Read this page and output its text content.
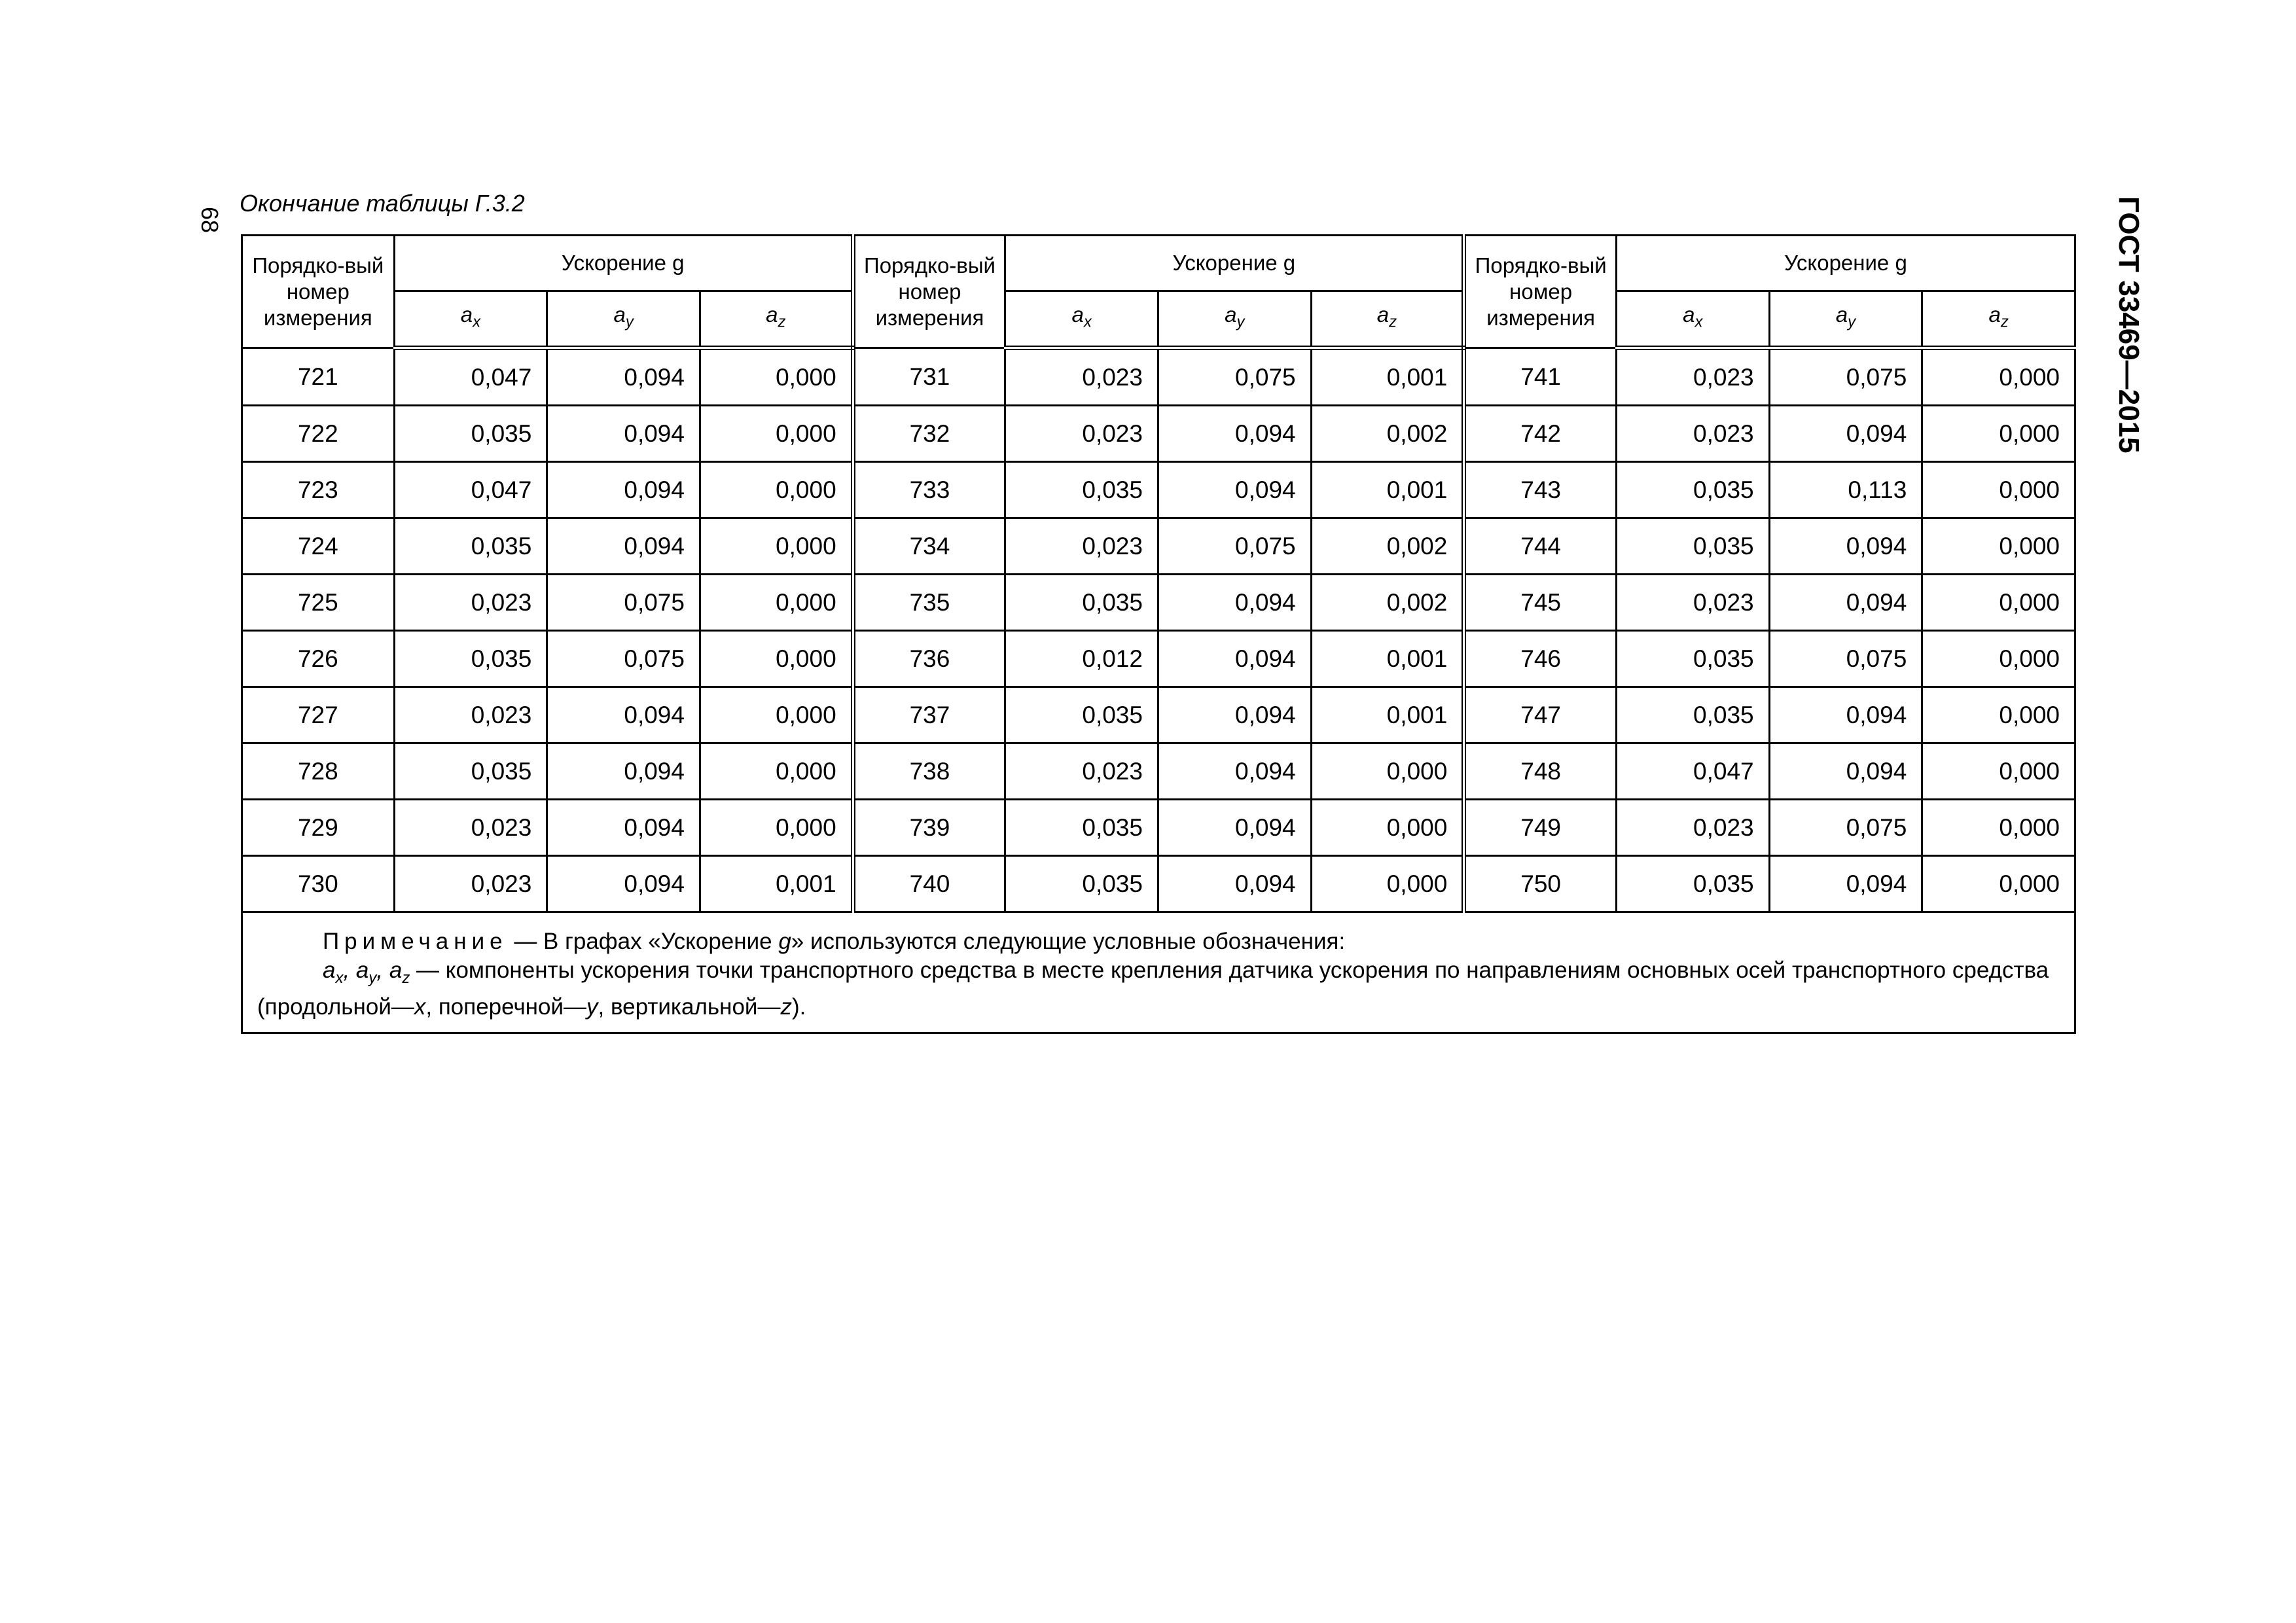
68
Окончание таблицы Г.3.2	ГОСТ 33469—2015
Порядко-вый номер измерения	Ускорение g			Порядко-вый номер измерения	Ускорение g			Порядко-вый номер измерения	Ускорение g		
	$a_x$	$a_y$	$a_z$		$a_x$	$a_y$	$a_z$		$a_x$	$a_y$	$a_z$
721	0,047	0,094	0,000	731	0,023	0,075	0,001	741	0,023	0,075	0,000
722	0,035	0,094	0,000	732	0,023	0,094	0,002	742	0,023	0,094	0,000
723	0,047	0,094	0,000	733	0,035	0,094	0,001	743	0,035	0,113	0,000
724	0,035	0,094	0,000	734	0,023	0,075	0,002	744	0,035	0,094	0,000
725	0,023	0,075	0,000	735	0,035	0,094	0,002	745	0,023	0,094	0,000
726	0,035	0,075	0,000	736	0,012	0,094	0,001	746	0,035	0,075	0,000
727	0,023	0,094	0,000	737	0,035	0,094	0,001	747	0,035	0,094	0,000
728	0,035	0,094	0,000	738	0,023	0,094	0,000	748	0,047	0,094	0,000
729	0,023	0,094	0,000	739	0,035	0,094	0,000	749	0,023	0,075	0,000
730	0,023	0,094	0,001	740	0,035	0,094	0,000	750	0,035	0,094	0,000

Примечание — В графах «Ускорение g» используются следующие условные обозначения:
$a_x$, $a_y$, $a_z$ — компоненты ускорения точки транспортного средства в месте крепления датчика ускорения по направлениям основных осей транспортного средства (продольной—x, поперечной—y, вертикальной—z).											
